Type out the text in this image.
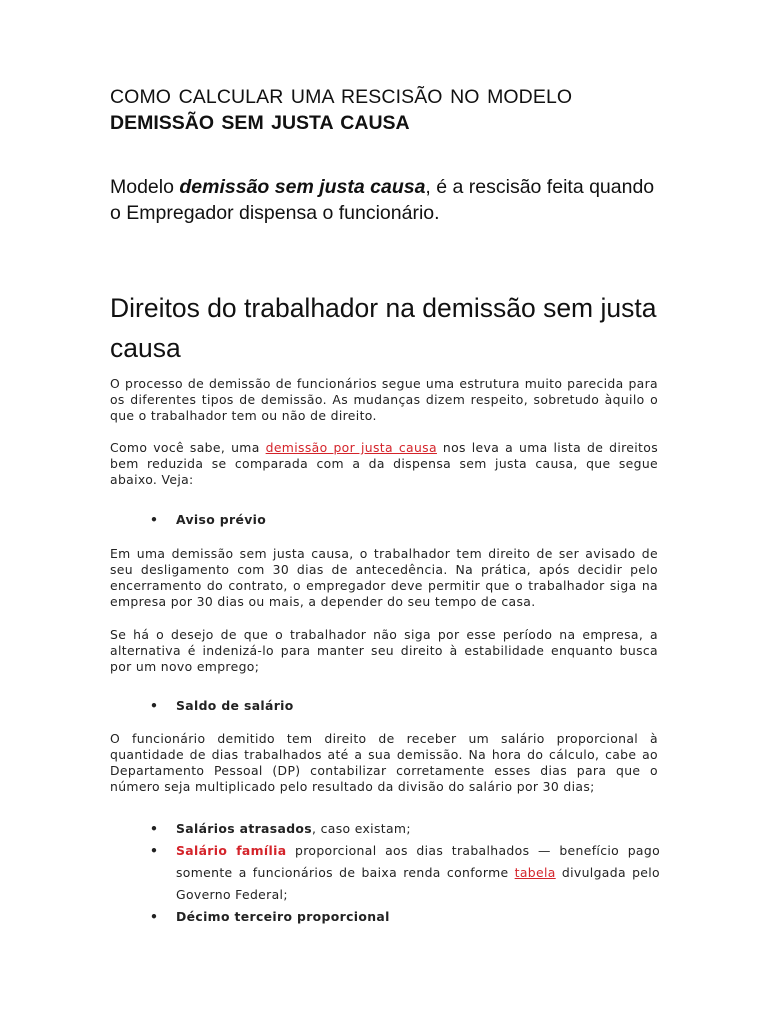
COMO CALCULAR UMA RESCISÃO NO MODELO
DEMISSÃO SEM JUSTA CAUSA
Modelo demissão sem justa causa, é a rescisão feita quando o Empregador dispensa o funcionário.
Direitos do trabalhador na demissão sem justa causa
O processo de demissão de funcionários segue uma estrutura muito parecida para os diferentes tipos de demissão. As mudanças dizem respeito, sobretudo àquilo o que o trabalhador tem ou não de direito.
Como você sabe, uma demissão por justa causa nos leva a uma lista de direitos bem reduzida se comparada com a da dispensa sem justa causa, que segue abaixo. Veja:
• Aviso prévio
Em uma demissão sem justa causa, o trabalhador tem direito de ser avisado de seu desligamento com 30 dias de antecedência. Na prática, após decidir pelo encerramento do contrato, o empregador deve permitir que o trabalhador siga na empresa por 30 dias ou mais, a depender do seu tempo de casa.
Se há o desejo de que o trabalhador não siga por esse período na empresa, a alternativa é indenizá-lo para manter seu direito à estabilidade enquanto busca por um novo emprego;
• Saldo de salário
O funcionário demitido tem direito de receber um salário proporcional à quantidade de dias trabalhados até a sua demissão. Na hora do cálculo, cabe ao Departamento Pessoal (DP) contabilizar corretamente esses dias para que o número seja multiplicado pelo resultado da divisão do salário por 30 dias;
• Salários atrasados, caso existam;
• Salário família proporcional aos dias trabalhados — benefício pago somente a funcionários de baixa renda conforme tabela divulgada pelo Governo Federal;
• Décimo terceiro proporcional
